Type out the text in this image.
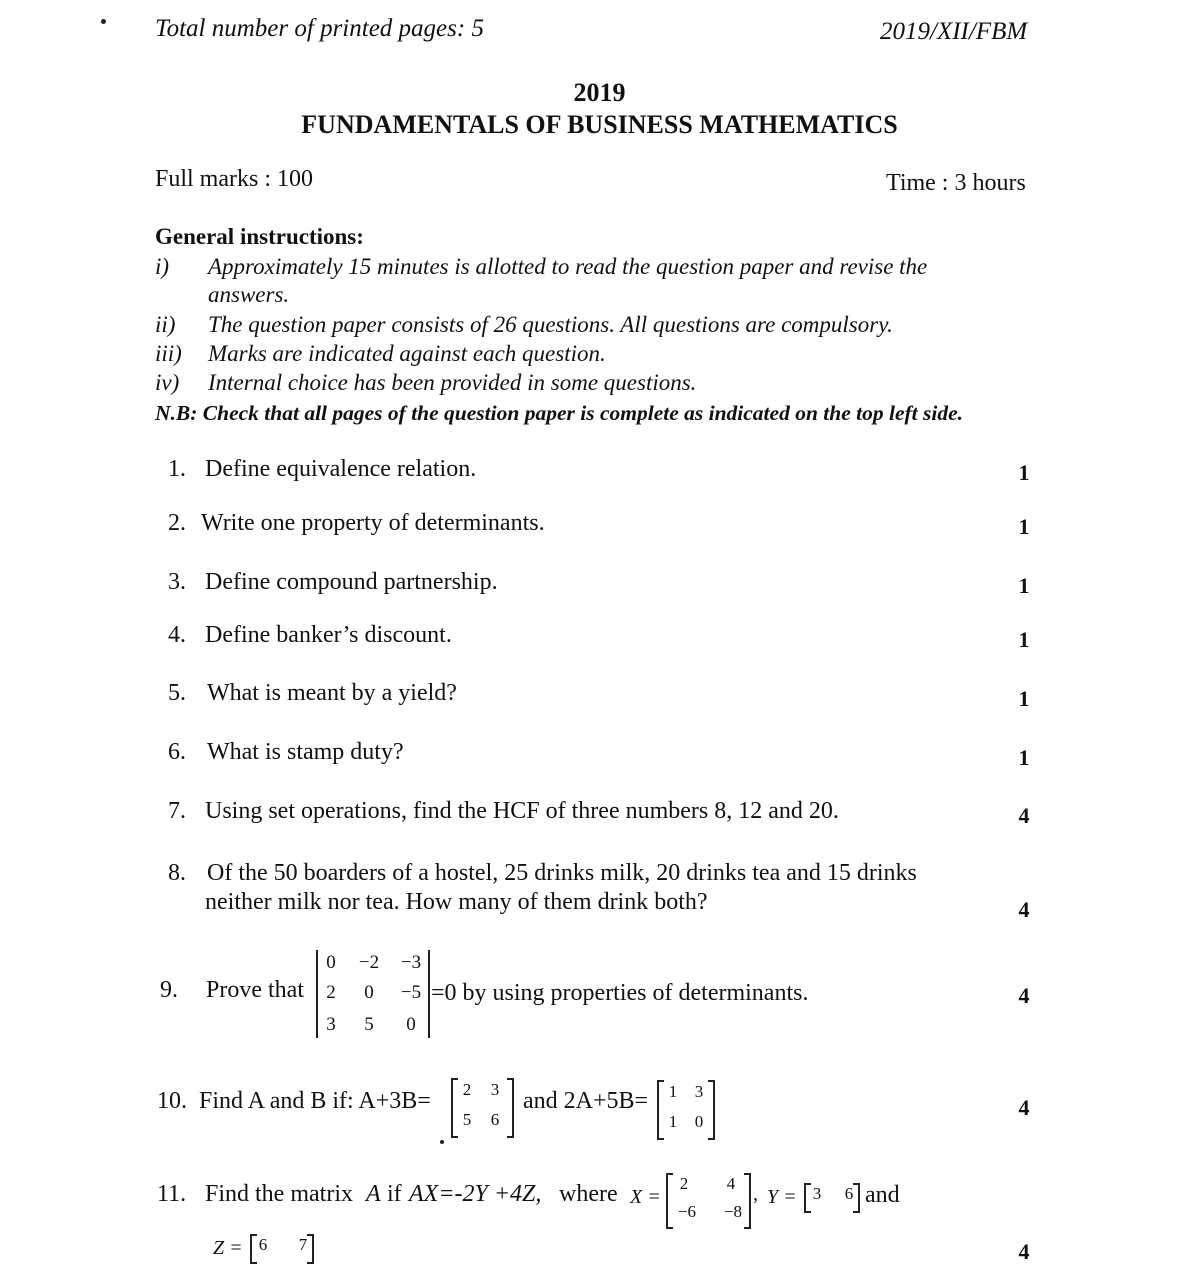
Total number of printed pages: 5	2019/XII/FBM
2019
FUNDAMENTALS OF BUSINESS MATHEMATICS
Full marks : 100	Time : 3 hours
General instructions:
i) Approximately 15 minutes is allotted to read the question paper and revise the
answers.
ii) The question paper consists of 26 questions. All questions are compulsory.
iii) Marks are indicated against each question.
iv) Internal choice has been provided in some questions.
N.B: Check that all pages of the question paper is complete as indicated on the top left side.
1. Define equivalence relation.	1
2. Write one property of determinants.	1
3. Define compound partnership.	1
4. Define banker’s discount.	1
5. What is meant by a yield?	1
6. What is stamp duty?	1
7. Using set operations, find the HCF of three numbers 8, 12 and 20.	4
8. Of the 50 boarders of a hostel, 25 drinks milk, 20 drinks tea and 15 drinks
neither milk nor tea. How many of them drink both?	4
9. Prove that
0	−2 −3
2	0	−5
3	5	0
=0 by using properties of determinants.	4
10. Find A and B if: A+3B=	2	3
5	6
and 2A+5B=	1	3
1	0
4
11. Find the matrix A if AX=-2Y +4Z, where X =
2	4
−6 −8
, Y = 3	6 and
Z = 6	7	4
